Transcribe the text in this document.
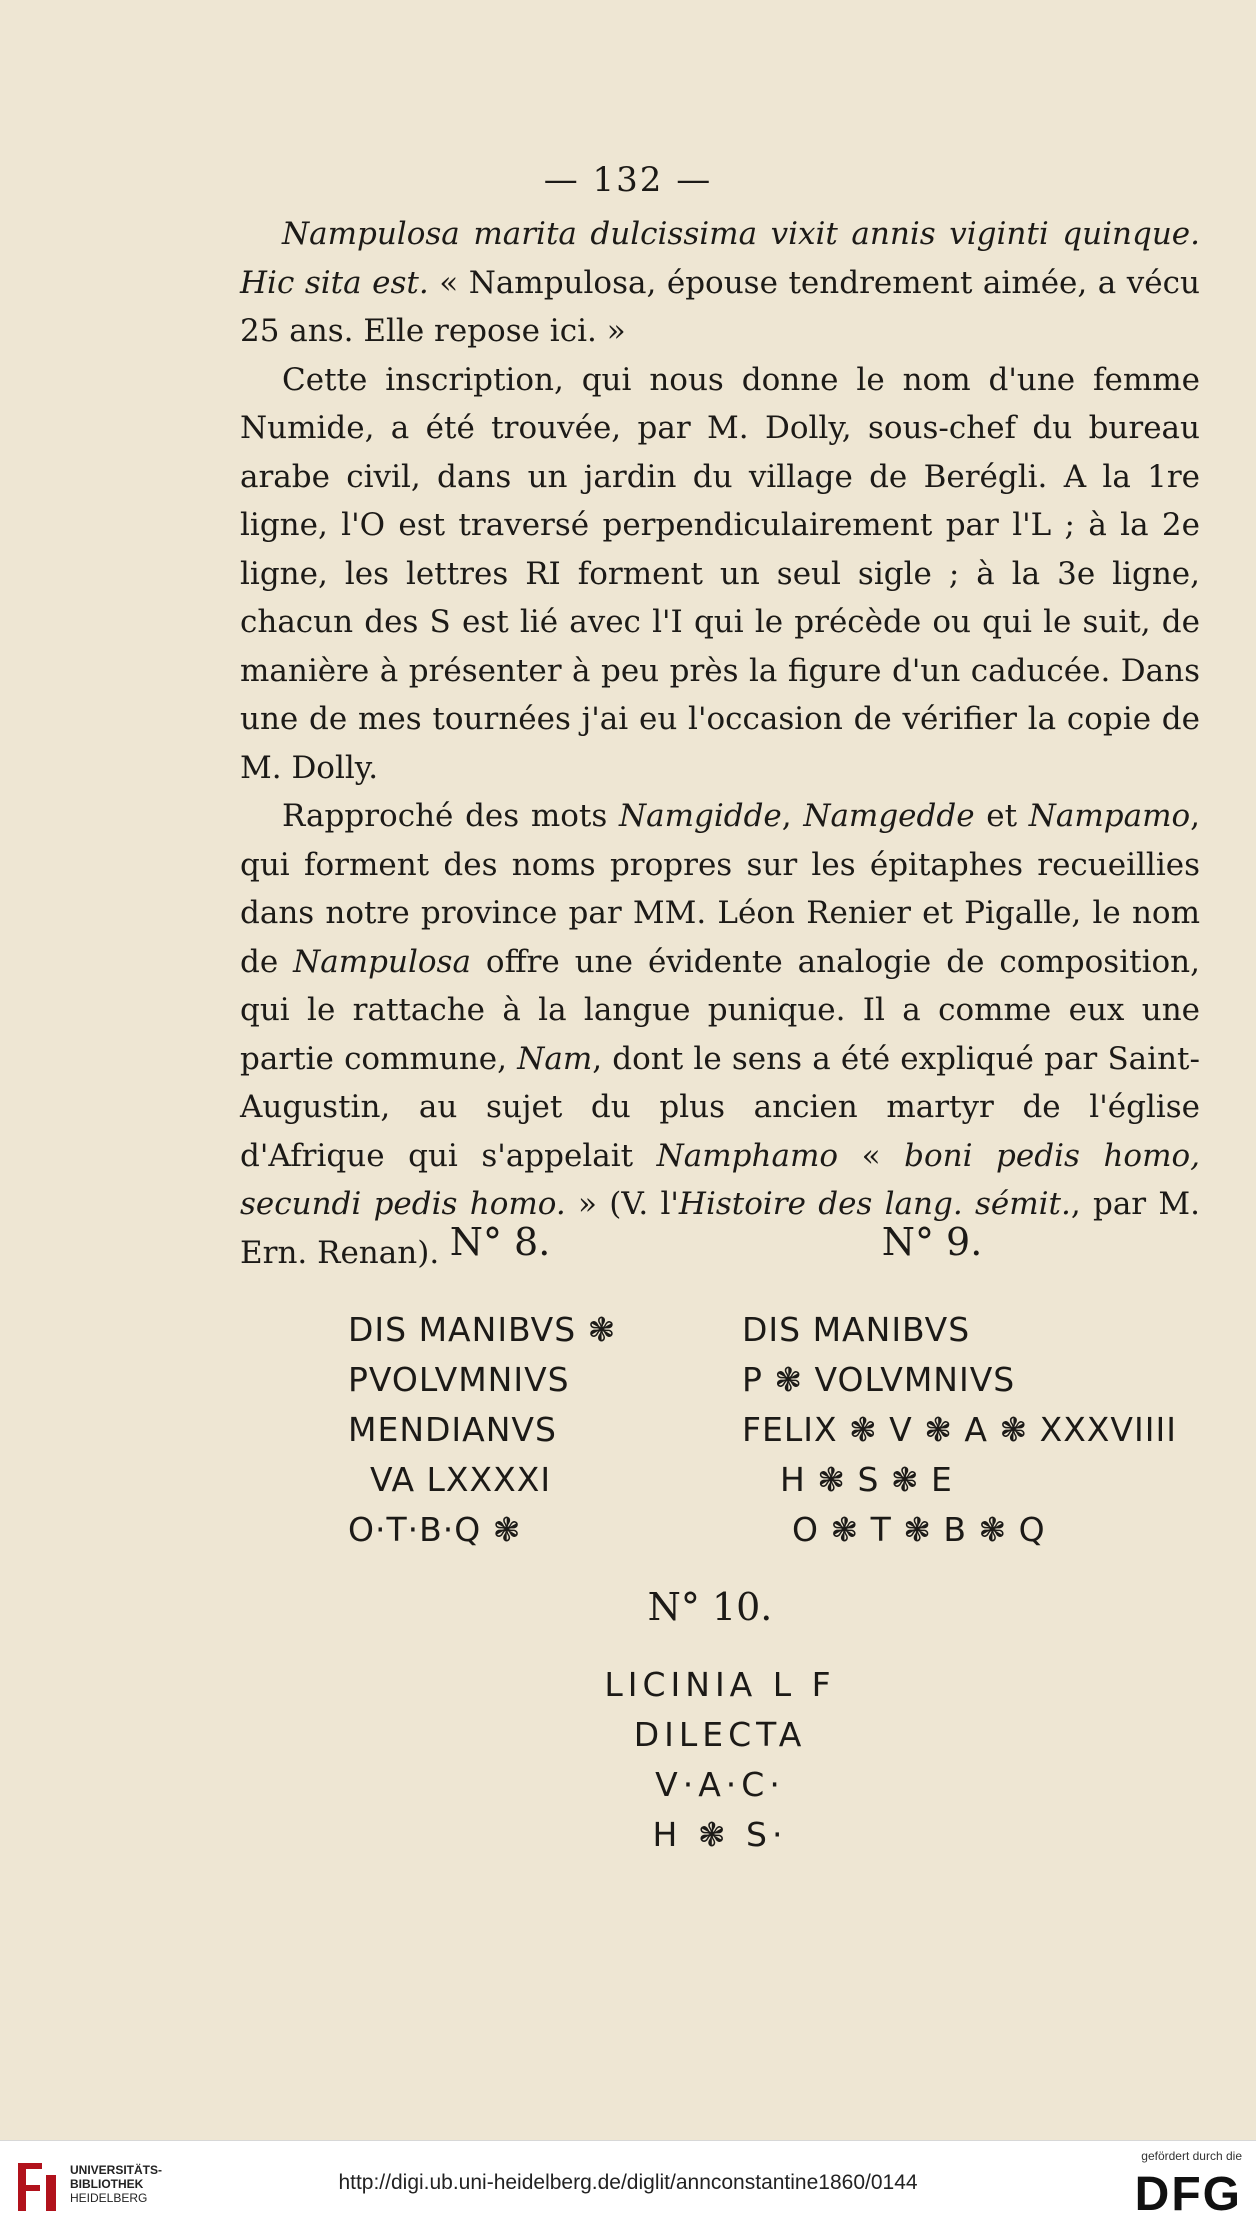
— 132 —

Nampulosa marita dulcissima vixit annis viginti quinque. Hic sita est. « Nampulosa, épouse tendrement aimée, a vécu 25 ans. Elle repose ici. »

Cette inscription, qui nous donne le nom d'une femme Numide, a été trouvée, par M. Dolly, sous-chef du bureau arabe civil, dans un jardin du village de Berégli. A la 1re ligne, l'O est traversé perpendiculairement par l'L ; à la 2e ligne, les lettres RI forment un seul sigle ; à la 3e ligne, chacun des S est lié avec l'I qui le précède ou qui le suit, de manière à présenter à peu près la figure d'un caducée. Dans une de mes tournées j'ai eu l'occasion de vérifier la copie de M. Dolly.

Rapproché des mots Namgidde, Namgedde et Nampamo, qui forment des noms propres sur les épitaphes recueillies dans notre province par MM. Léon Renier et Pigalle, le nom de Nampulosa offre une évidente analogie de composition, qui le rattache à la langue punique. Il a comme eux une partie commune, Nam, dont le sens a été expliqué par Saint-Augustin, au sujet du plus ancien martyr de l'église d'Afrique qui s'appelait Namphamo « boni pedis homo, secundi pedis homo. » (V. l'Histoire des lang. sémit., par M. Ern. Renan). N° 8.	N° 9.
N° 10.
DIS MANIBVS ❃
PVOLVMNIVS
MENDIANVS
VA LXXXXI
O·T·B·Q ❃
DIS MANIBVS
P ❃ VOLVMNIVS
FELIX ❃ V ❃ A ❃ XXXVIIII
H ❃ S ❃ E
O ❃ T ❃ B ❃ Q
LICINIA L F
DILECTA
V·A·C·
H ❃ S·
UNIVERSITÄTS-
BIBLIOTHEK
HEIDELBERG
http://digi.ub.uni-heidelberg.de/diglit/annconstantine1860/0144
gefördert durch die
DFG
